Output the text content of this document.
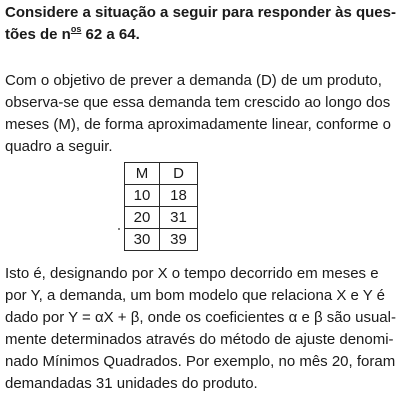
Considere a situação a seguir para responder às ques-
tões de $n^{os}$ 62 a 64.
Com o objetivo de prever a demanda (D) de um produto,
observa-se que essa demanda tem crescido ao longo dos
meses (M), de forma aproximadamente linear, conforme o
quadro a seguir.
M	D
10	18
20	31
30	39
Isto é, designando por X o tempo decorrido em meses e
por Y, a demanda, um bom modelo que relaciona X e Y é
dado por Y = αX + β, onde os coeficientes α e β são usual-
mente determinados através do método de ajuste denomi-
nado Mínimos Quadrados. Por exemplo, no mês 20, foram
demandadas 31 unidades do produto.
